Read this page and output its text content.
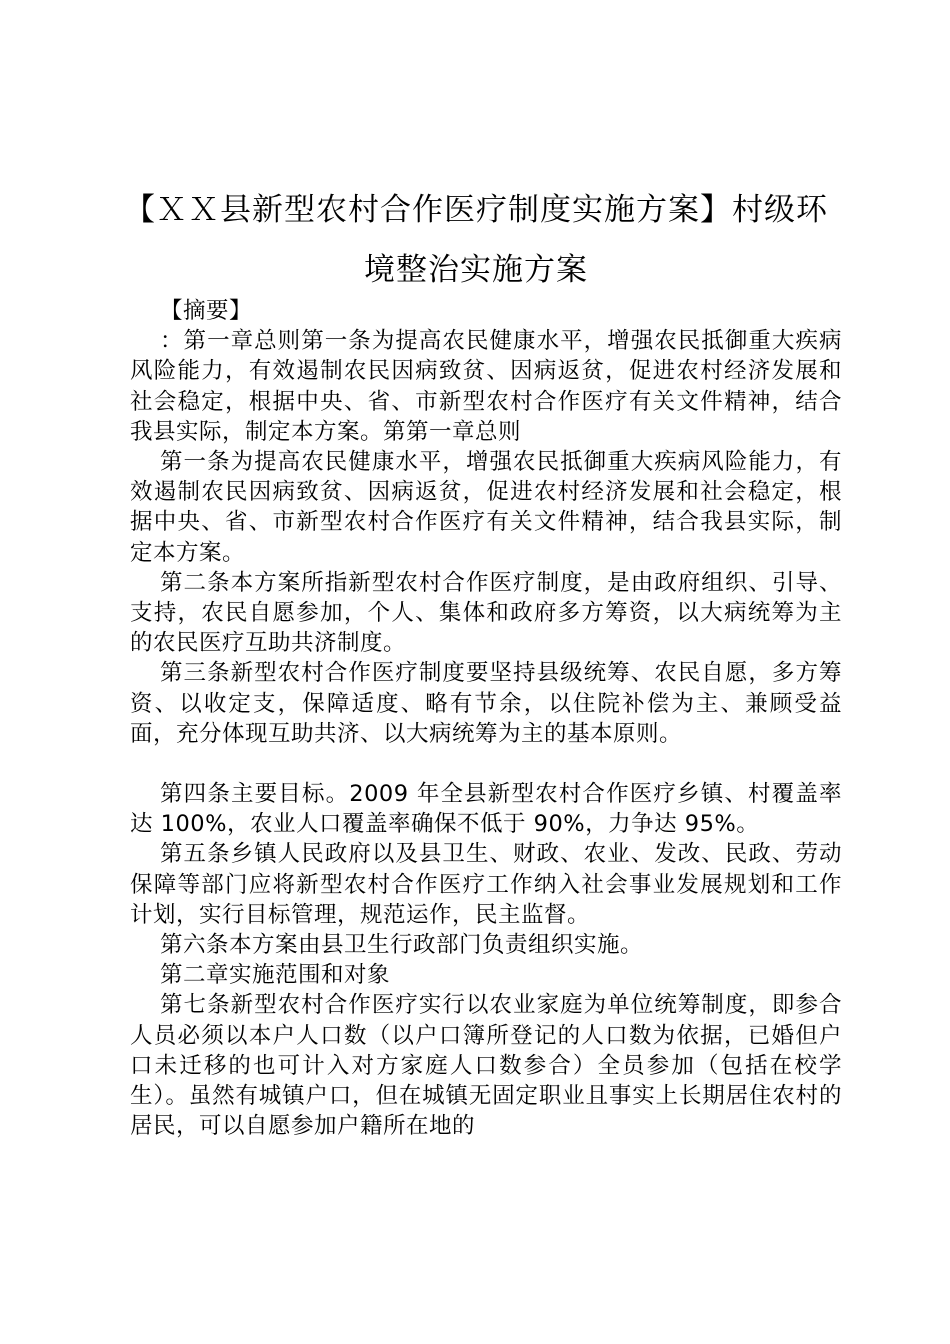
【ＸＸ县新型农村合作医疗制度实施方案】村级环境整治实施方案

【摘要】

：第一章总则第一条为提高农民健康水平，增强农民抵御重大疾病风险能力，有效遏制农民因病致贫、因病返贫，促进农村经济发展和社会稳定，根据中央、省、市新型农村合作医疗有关文件精神，结合我县实际，制定本方案。第第一章总则

第一条为提高农民健康水平，增强农民抵御重大疾病风险能力，有效遏制农民因病致贫、因病返贫，促进农村经济发展和社会稳定，根据中央、省、市新型农村合作医疗有关文件精神，结合我县实际，制定本方案。

第二条本方案所指新型农村合作医疗制度，是由政府组织、引导、支持，农民自愿参加，个人、集体和政府多方筹资，以大病统筹为主的农民医疗互助共济制度。

第三条新型农村合作医疗制度要坚持县级统筹、农民自愿，多方筹资、以收定支，保障适度、略有节余，以住院补偿为主、兼顾受益面，充分体现互助共济、以大病统筹为主的基本原则。

第四条主要目标。2009 年全县新型农村合作医疗乡镇、村覆盖率达 100%，农业人口覆盖率确保不低于 90%，力争达 95%。

第五条乡镇人民政府以及县卫生、财政、农业、发改、民政、劳动保障等部门应将新型农村合作医疗工作纳入社会事业发展规划和工作计划，实行目标管理，规范运作，民主监督。

第六条本方案由县卫生行政部门负责组织实施。

第二章实施范围和对象

第七条新型农村合作医疗实行以农业家庭为单位统筹制度，即参合人员必须以本户人口数（以户口簿所登记的人口数为依据，已婚但户口未迁移的也可计入对方家庭人口数参合）全员参加（包括在校学生）。虽然有城镇户口，但在城镇无固定职业且事实上长期居住农村的居民，可以自愿参加户籍所在地的
